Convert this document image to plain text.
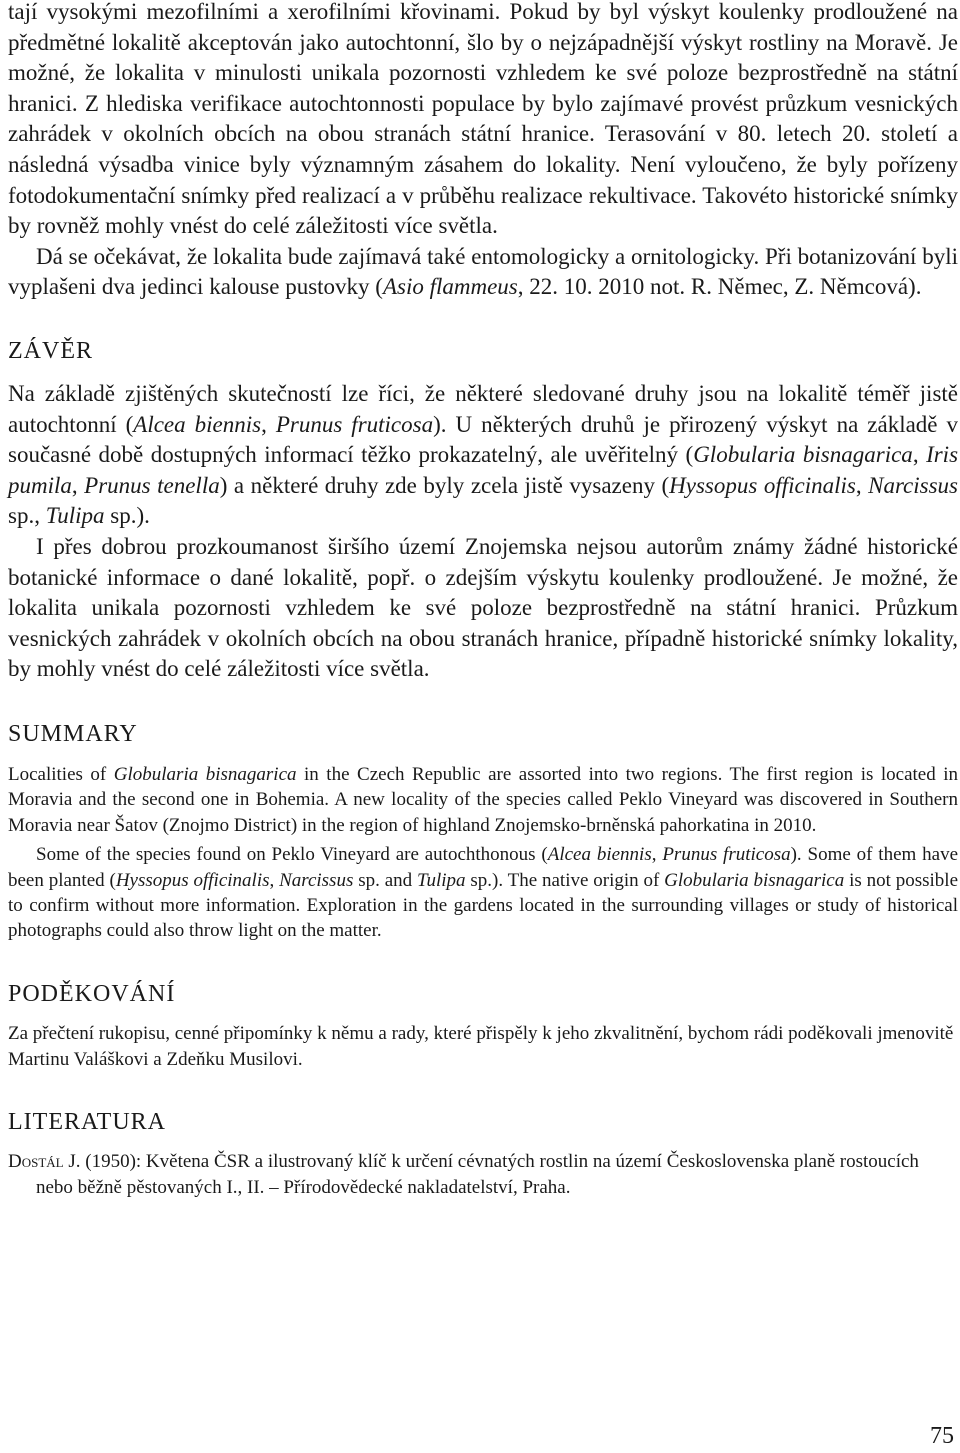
tají vysokými mezofilními a xerofilními křovinami. Pokud by byl výskyt koulenky prodloužené na předmětné lokalitě akceptován jako autochtonní, šlo by o nejzápadnější výskyt rostliny na Moravě. Je možné, že lokalita v minulosti unikala pozornosti vzhledem ke své poloze bezprostředně na státní hranici. Z hlediska verifikace autochtonnosti populace by bylo zajímavé provést průzkum vesnických zahrádek v okolních obcích na obou stranách státní hranice. Terasování v 80. letech 20. století a následná výsadba vinice byly významným zásahem do lokality. Není vyloučeno, že byly pořízeny fotodokumentační snímky před realizací a v průběhu realizace rekultivace. Takovéto historické snímky by rovněž mohly vnést do celé záležitosti více světla.

Dá se očekávat, že lokalita bude zajímavá také entomologicky a ornitologicky. Při botanizování byli vyplašeni dva jedinci kalouse pustovky (Asio flammeus, 22. 10. 2010 not. R. Němec, Z. Němcová).

ZÁVĚR

Na základě zjištěných skutečností lze říci, že některé sledované druhy jsou na lokalitě téměř jistě autochtonní (Alcea biennis, Prunus fruticosa). U některých druhů je přirozený výskyt na základě v současné době dostupných informací těžko prokazatelný, ale uvěřitelný (Globularia bisnagarica, Iris pumila, Prunus tenella) a některé druhy zde byly zcela jistě vysazeny (Hyssopus officinalis, Narcissus sp., Tulipa sp.).

I přes dobrou prozkoumanost širšího území Znojemska nejsou autorům známy žádné historické botanické informace o dané lokalitě, popř. o zdejším výskytu koulenky prodloužené. Je možné, že lokalita unikala pozornosti vzhledem ke své poloze bezprostředně na státní hranici. Průzkum vesnických zahrádek v okolních obcích na obou stranách hranice, případně historické snímky lokality, by mohly vnést do celé záležitosti více světla.

SUMMARY

Localities of Globularia bisnagarica in the Czech Republic are assorted into two regions. The first region is located in Moravia and the second one in Bohemia. A new locality of the species called Peklo Vineyard was discovered in Southern Moravia near Šatov (Znojmo District) in the region of highland Znojemsko-brněnská pahorkatina in 2010.

Some of the species found on Peklo Vineyard are autochthonous (Alcea biennis, Prunus fruticosa). Some of them have been planted (Hyssopus officinalis, Narcissus sp. and Tulipa sp.). The native origin of Globularia bisnagarica is not possible to confirm without more information. Exploration in the gardens located in the surrounding villages or study of historical photographs could also throw light on the matter.

PODĚKOVÁNÍ

Za přečtení rukopisu, cenné připomínky k němu a rady, které přispěly k jeho zkvalitnění, bychom rádi poděkovali jmenovitě Martinu Valáškovi a Zdeňku Musilovi.

LITERATURA

Dostál J. (1950): Květena ČSR a ilustrovaný klíč k určení cévnatých rostlin na území Československa planě rostoucích nebo běžně pěstovaných I., II. – Přírodovědecké nakladatelství, Praha.

75
